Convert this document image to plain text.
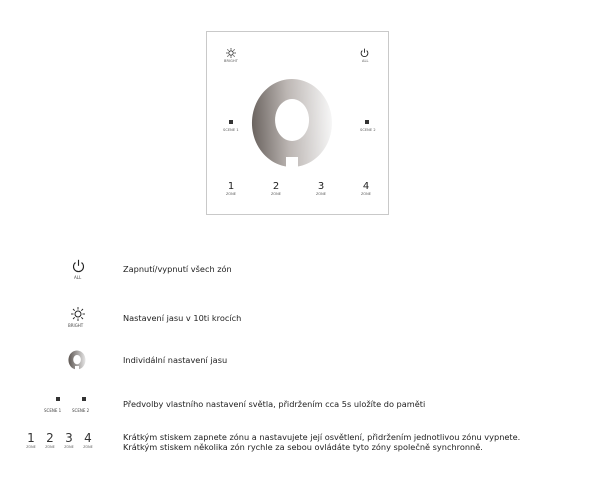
BRIGHT	ALL
SCENE 1	SCENE 2
1
ZONE
2
ZONE
3
ZONE
4
ZONE
ALL
Zapnutí/vypnutí všech zón
BRIGHT
Nastavení jasu v 10ti krocích
Individální nastavení jasu
SCENE 1	SCENE 2
Předvolby vlastního nastavení světla, přidržením cca 5s uložíte do paměti
1
ZONE
2
ZONE
3
ZONE
4
ZONE
Krátkým stiskem zapnete zónu a nastavujete její osvětlení, přidržením jednotlivou zónu vypnete.
Krátkým stiskem několika zón rychle za sebou ovládáte tyto zóny společně synchronně.
